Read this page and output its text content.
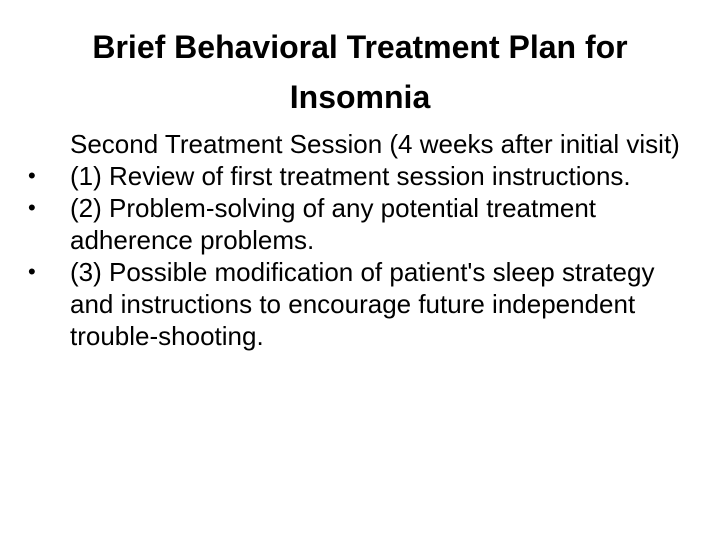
Brief Behavioral Treatment Plan for Insomnia
Second Treatment Session (4 weeks after initial visit)
•	(1) Review of first treatment session instructions.
•	(2) Problem-solving of any potential treatment adherence problems.
•	(3) Possible modification of patient's sleep strategy and instructions to encourage future independent trouble-shooting.
